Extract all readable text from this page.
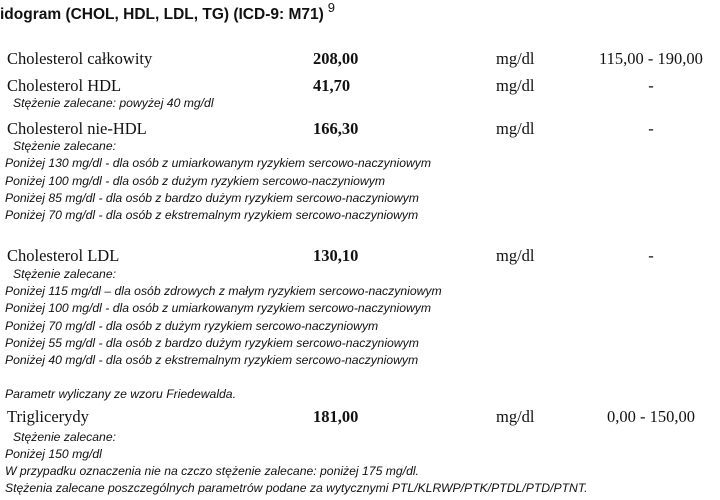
idogram (CHOL, HDL, LDL, TG) (ICD-9: M71) $^9$
Cholesterol całkowity	208,00	mg/dl	115,00 - 190,00
Cholesterol HDL	41,70	mg/dl	-
Stężenie zalecane: powyżej 40 mg/dl
Cholesterol nie-HDL	166,30	mg/dl	-
Stężenie zalecane:
Poniżej 130 mg/dl - dla osób z umiarkowanym ryzykiem sercowo-naczyniowym
Poniżej 100 mg/dl - dla osób z dużym ryzykiem sercowo-naczyniowym
Poniżej 85 mg/dl - dla osób z bardzo dużym ryzykiem sercowo-naczyniowym
Poniżej 70 mg/dl - dla osób z ekstremalnym ryzykiem sercowo-naczyniowym
Cholesterol LDL	130,10	mg/dl	-
Stężenie zalecane:
Poniżej 115 mg/dl – dla osób zdrowych z małym ryzykiem sercowo-naczyniowym
Poniżej 100 mg/dl - dla osób z umiarkowanym ryzykiem sercowo-naczyniowym
Poniżej 70 mg/dl - dla osób z dużym ryzykiem sercowo-naczyniowym
Poniżej 55 mg/dl - dla osób z bardzo dużym ryzykiem sercowo-naczyniowym
Poniżej 40 mg/dl - dla osób z ekstremalnym ryzykiem sercowo-naczyniowym
Parametr wyliczany ze wzoru Friedewalda.
Triglicerydy	181,00	mg/dl	0,00 - 150,00
Stężenie zalecane:
Poniżej 150 mg/dl
W przypadku oznaczenia nie na czczo stężenie zalecane: poniżej 175 mg/dl.
Stężenia zalecane poszczególnych parametrów podane za wytycznymi PTL/KLRWP/PTK/PTDL/PTD/PTNT.
